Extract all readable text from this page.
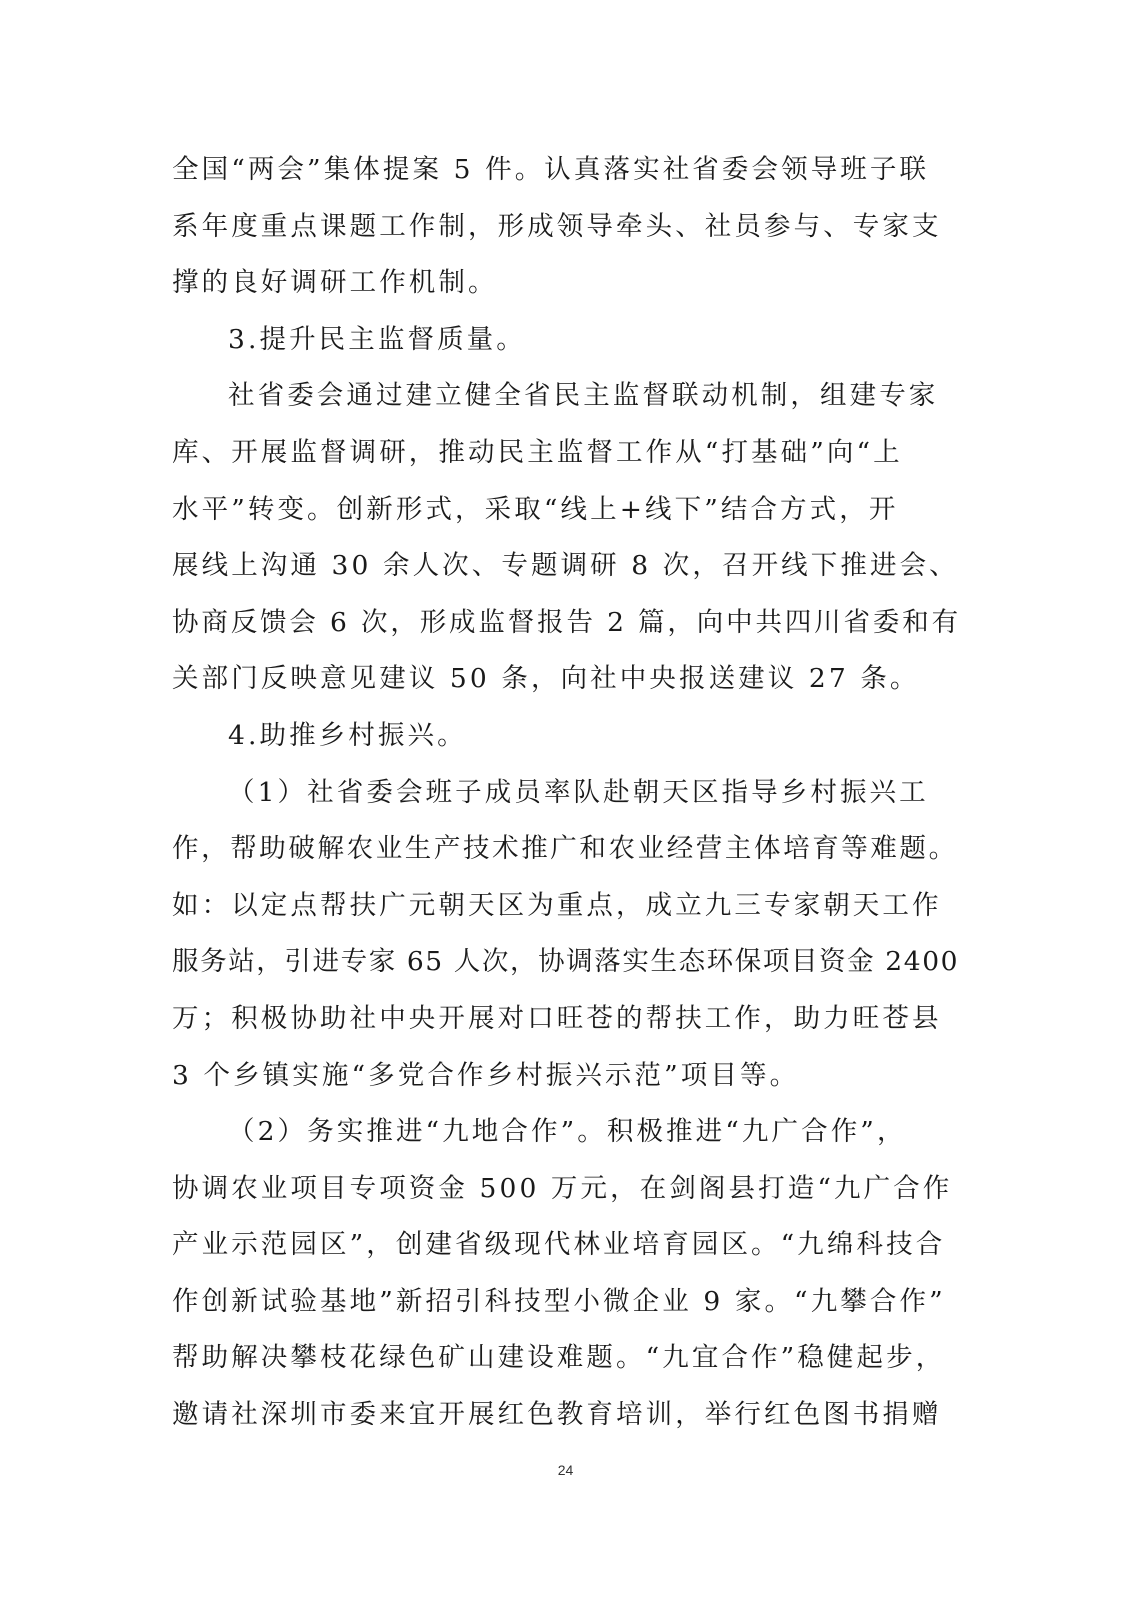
全国“两会”集体提案 5 件。认真落实社省委会领导班子联
系年度重点课题工作制，形成领导牵头、社员参与、专家支
撑的良好调研工作机制。
3.提升民主监督质量。
社省委会通过建立健全省民主监督联动机制，组建专家
库、开展监督调研，推动民主监督工作从“打基础”向“上
水平”转变。创新形式，采取“线上+线下”结合方式，开
展线上沟通 30 余人次、专题调研 8 次，召开线下推进会、
协商反馈会 6 次，形成监督报告 2 篇，向中共四川省委和有
关部门反映意见建议 50 条，向社中央报送建议 27 条。
4.助推乡村振兴。
（1）社省委会班子成员率队赴朝天区指导乡村振兴工
作，帮助破解农业生产技术推广和农业经营主体培育等难题。
如：以定点帮扶广元朝天区为重点，成立九三专家朝天工作
服务站，引进专家 65 人次，协调落实生态环保项目资金 2400
万；积极协助社中央开展对口旺苍的帮扶工作，助力旺苍县
3 个乡镇实施“多党合作乡村振兴示范”项目等。
（2）务实推进“九地合作”。积极推进“九广合作”，
协调农业项目专项资金 500 万元，在剑阁县打造“九广合作
产业示范园区”，创建省级现代林业培育园区。“九绵科技合
作创新试验基地”新招引科技型小微企业 9 家。“九攀合作”
帮助解决攀枝花绿色矿山建设难题。“九宜合作”稳健起步，
邀请社深圳市委来宜开展红色教育培训，举行红色图书捐赠
24
